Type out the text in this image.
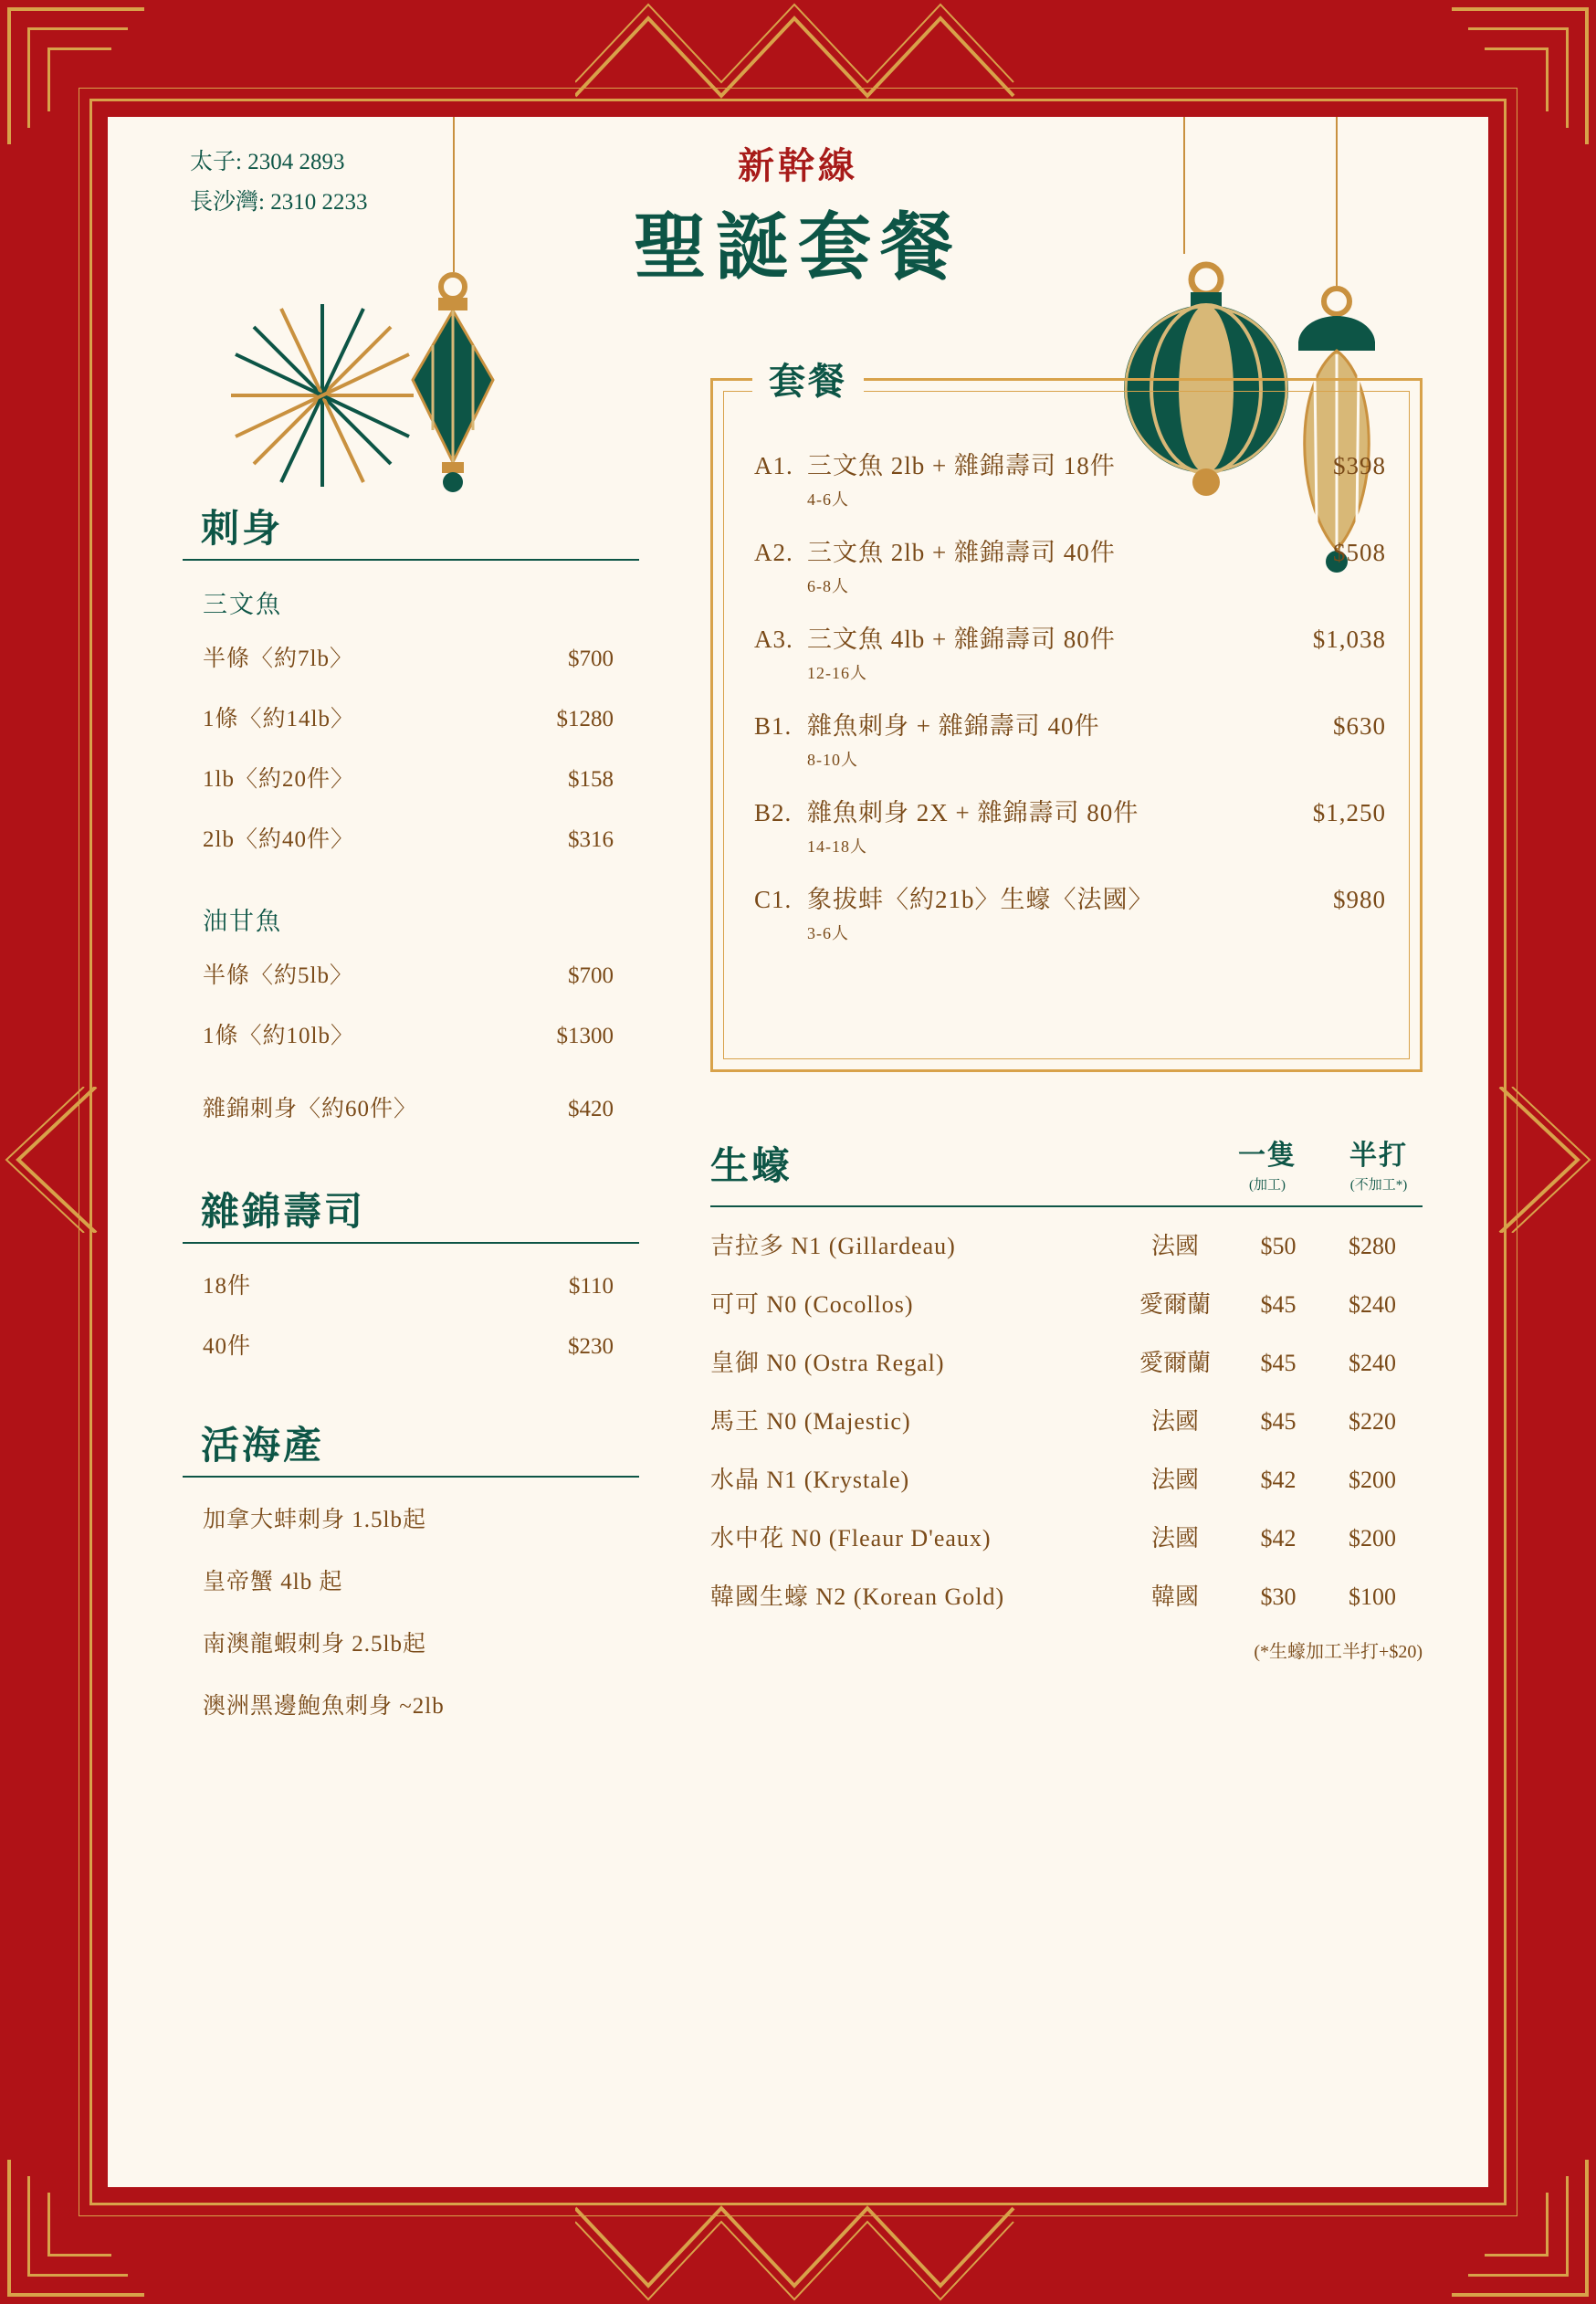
太子: 2304 2893
長沙灣: 2310 2233
新幹線
聖誕套餐
刺身
三文魚
半條〈約7lb〉	$700
1條〈約14lb〉	$1280
1lb〈約20件〉	$158
2lb〈約40件〉	$316
油甘魚
半條〈約5lb〉	$700
1條〈約10lb〉	$1300
雜錦刺身〈約60件〉	$420
雜錦壽司
18件	$110
40件	$230
活海產
加拿大蚌刺身 1.5lb起
皇帝蟹 4lb 起
南澳龍蝦刺身 2.5lb起
澳洲黑邊鮑魚刺身 ~2lb
套餐
A1. 三文魚 2lb + 雜錦壽司 18件	$398
4-6人
A2. 三文魚 2lb + 雜錦壽司 40件	$508
6-8人
A3. 三文魚 4lb + 雜錦壽司 80件	$1,038
12-16人
B1. 雜魚刺身 + 雜錦壽司 40件	$630
8-10人
B2. 雜魚刺身 2X + 雜錦壽司 80件	$1,250
14-18人
C1. 象拔蚌〈約21b〉生蠔〈法國〉	$980
3-6人
生蠔	一隻
(加工)
半打
(不加工*)
吉拉多 N1 (Gillardeau)	法國	$50	$280
可可 N0 (Cocollos)	愛爾蘭	$45	$240
皇御 N0 (Ostra Regal)	愛爾蘭	$45	$240
馬王 N0 (Majestic)	法國	$45	$220
水晶 N1 (Krystale)	法國	$42	$200
水中花 N0 (Fleaur D'eaux)	法國	$42	$200
韓國生蠔 N2 (Korean Gold)	韓國	$30	$100
(*生蠔加工半打+$20)
